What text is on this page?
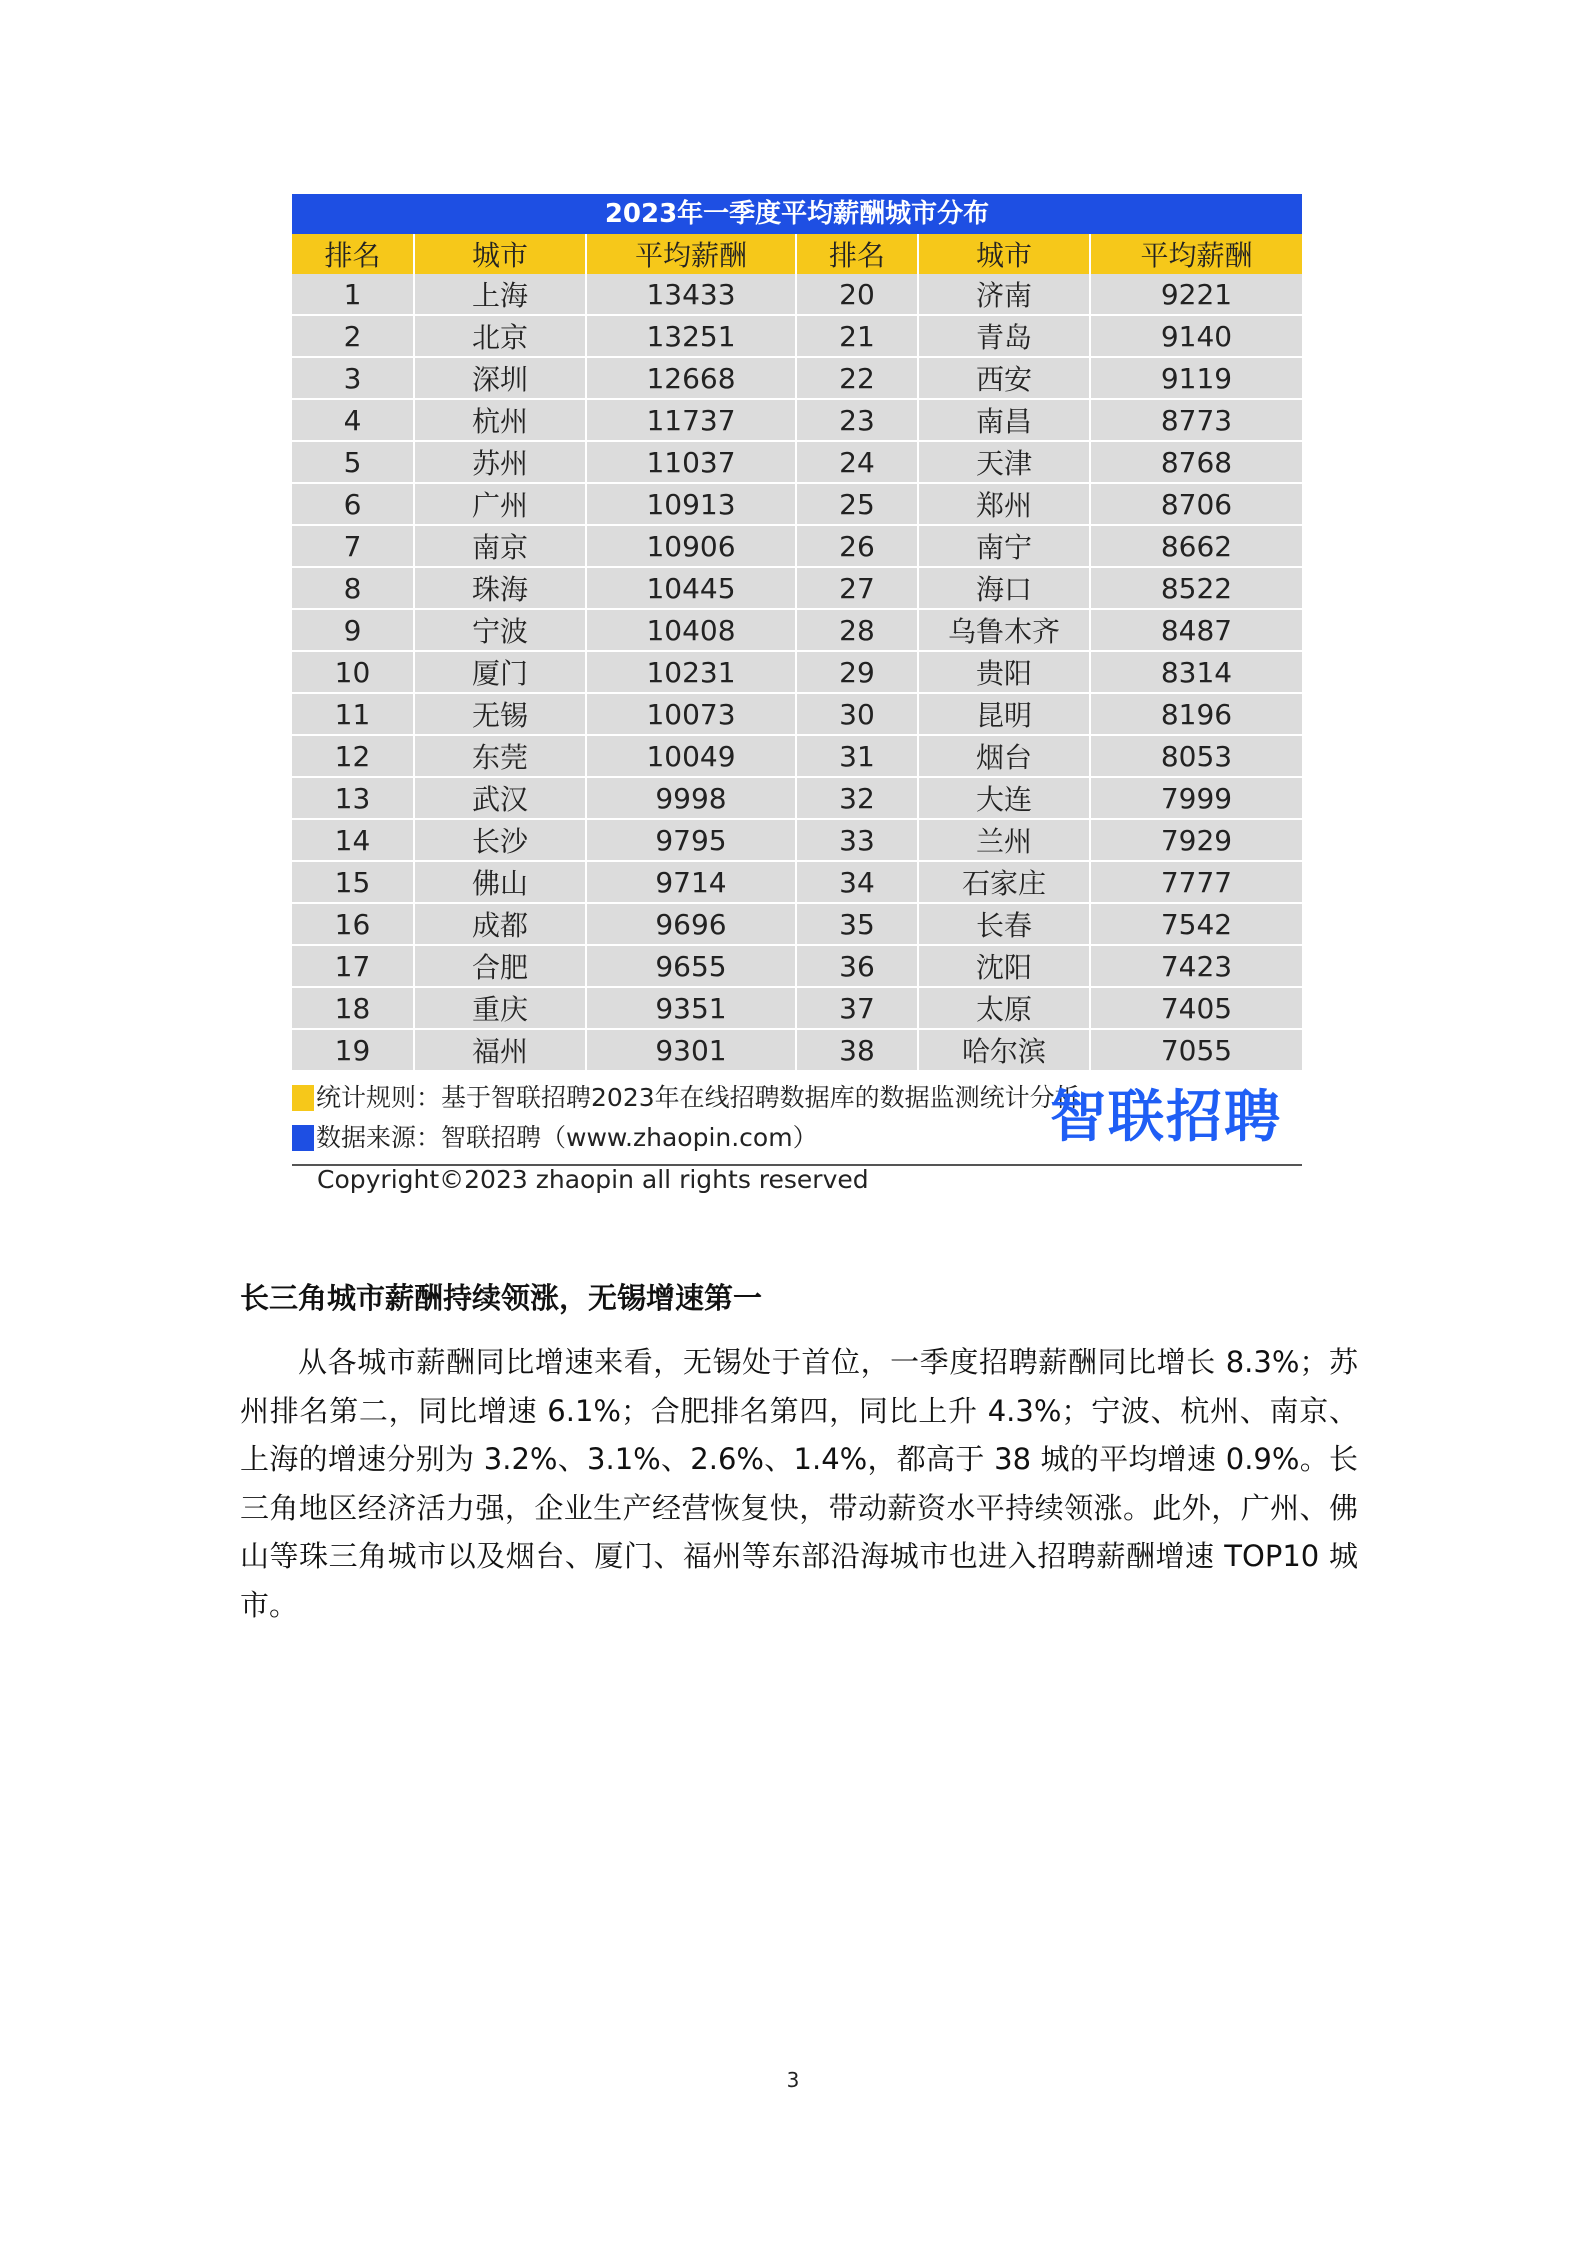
2023年一季度平均薪酬城市分布
排名	城市	平均薪酬	排名	城市	平均薪酬
1	上海	13433	20	济南	9221
2	北京	13251	21	青岛	9140
3	深圳	12668	22	西安	9119
4	杭州	11737	23	南昌	8773
5	苏州	11037	24	天津	8768
6	广州	10913	25	郑州	8706
7	南京	10906	26	南宁	8662
8	珠海	10445	27	海口	8522
9	宁波	10408	28	乌鲁木齐	8487
10	厦门	10231	29	贵阳	8314
11	无锡	10073	30	昆明	8196
12	东莞	10049	31	烟台	8053
13	武汉	9998	32	大连	7999
14	长沙	9795	33	兰州	7929
15	佛山	9714	34	石家庄	7777
16	成都	9696	35	长春	7542
17	合肥	9655	36	沈阳	7423
18	重庆	9351	37	太原	7405
19	福州	9301	38	哈尔滨	7055
统计规则：基于智联招聘2023年在线招聘数据库的数据监测统计分析
数据来源：智联招聘（www.zhaopin.com）	智联招聘
Copyright©2023 zhaopin all rights reserved
长三角城市薪酬持续领涨，无锡增速第一

从各城市薪酬同比增速来看，无锡处于首位，一季度招聘薪酬同比增长 8.3%；苏州排名第二，同比增速 6.1%；合肥排名第四，同比上升 4.3%；宁波、杭州、南京、上海的增速分别为 3.2%、3.1%、2.6%、1.4%，都高于 38 城的平均增速 0.9%。长三角地区经济活力强，企业生产经营恢复快，带动薪资水平持续领涨。此外，广州、佛山等珠三角城市以及烟台、厦门、福州等东部沿海城市也进入招聘薪酬增速 TOP10 城市。

3
